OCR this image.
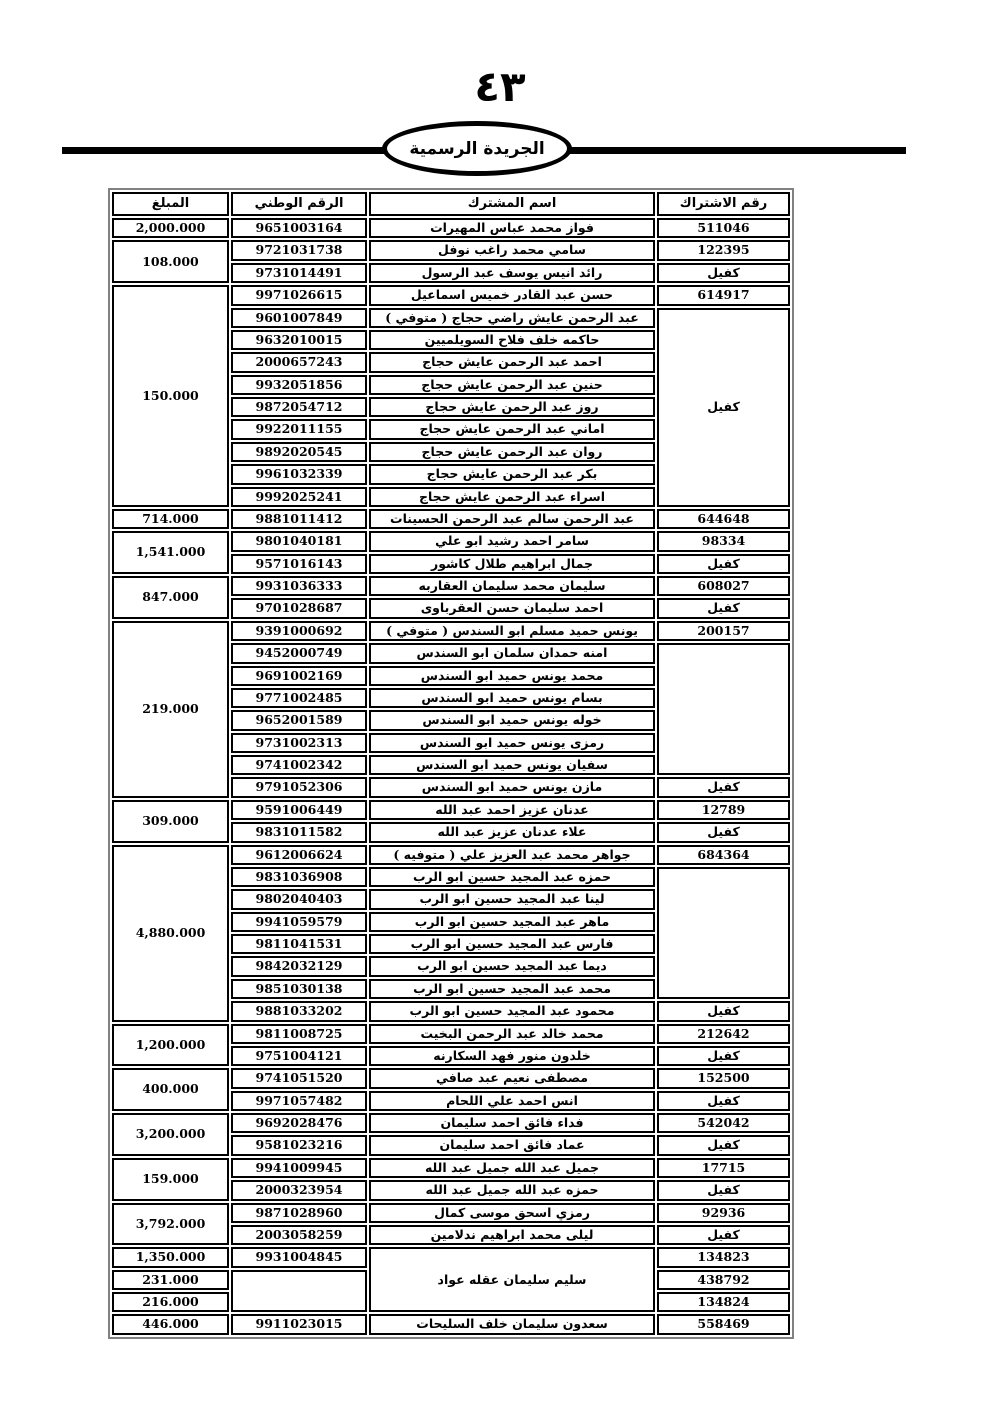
٤٣
الجريدة الرسمية
رقم الاشتراك	اسم المشترك	الرقم الوطني	المبلغ
511046	فواز محمد عباس المهيرات	9651003164	2,000.000
122395	سامي محمد راغب نوفل	9721031738	108.000
كفيل	رائد انيس يوسف عبد الرسول	9731014491	
614917	حسن عبد القادر خميس اسماعيل	9971026615	150.000
كفيل	عبد الرحمن عايش راضي حجاج ( متوفي )	9601007849	
	حاكمه خلف فلاح السويلميين	9632010015	
	احمد عبد الرحمن عايش حجاج	2000657243	
	حنين عبد الرحمن عايش حجاج	9932051856	
	روز عبد الرحمن عايش حجاج	9872054712	
	اماني عبد الرحمن عايش حجاج	9922011155	
	روان عبد الرحمن عايش حجاج	9892020545	
	بكر عبد الرحمن عايش حجاج	9961032339	
	اسراء عبد الرحمن عايش حجاج	9992025241	
644648	عبد الرحمن سالم عبد الرحمن الحسينات	9881011412	714.000
98334	سامر احمد رشيد ابو علي	9801040181	1,541.000
كفيل	جمال ابراهيم طلال كاشور	9571016143	
608027	سليمان محمد سليمان العقاربه	9931036333	847.000
كفيل	احمد سليمان حسن العقرباوى	9701028687	
200157	يونس حميد مسلم ابو السندس ( متوفي )	9391000692	219.000
	امنه حمدان سلمان ابو السندس	9452000749	
	محمد يونس حميد ابو السندس	9691002169	
	بسام يونس حميد ابو السندس	9771002485	
	خوله يونس حميد ابو السندس	9652001589	
	رمزى يونس حميد ابو السندس	9731002313	
	سفيان يونس حميد ابو السندس	9741002342	
كفيل	مازن يونس حميد ابو السندس	9791052306	
12789	عدنان عزيز احمد عبد الله	9591006449	309.000
كفيل	علاء عدنان عزيز عبد الله	9831011582	
684364	جواهر محمد عبد العزيز علي ( متوفيه )	9612006624	4,880.000
	حمزه عبد المجيد حسين ابو الرب	9831036908	
	لينا عبد المجيد حسين ابو الرب	9802040403	
	ماهر عبد المجيد حسين ابو الرب	9941059579	
	فارس عبد المجيد حسين ابو الرب	9811041531	
	ديما عبد المجيد حسين ابو الرب	9842032129	
	محمد عبد المجيد حسين ابو الرب	9851030138	
كفيل	محمود عبد المجيد حسين ابو الرب	9881033202	
212642	محمد خالد عبد الرحمن البخيت	9811008725	1,200.000
كفيل	خلدون منور فهد السكارنه	9751004121	
152500	مصطفى نعيم عبد صافي	9741051520	400.000
كفيل	انس احمد علي اللحام	9971057482	
542042	فداء فائق احمد سليمان	9692028476	3,200.000
كفيل	عماد فائق احمد سليمان	9581023216	
17715	جميل عبد الله جميل عبد الله	9941009945	159.000
كفيل	حمزه عبد الله جميل عبد الله	2000323954	
92936	رمزي اسحق موسى كمال	9871028960	3,792.000
كفيل	ليلى محمد ابراهيم ندلامين	2003058259	
134823	سليم سليمان عقله عواد	9931004845	1,350.000
438792			231.000
134824			216.000
558469	سعدون سليمان خلف السليحات	9911023015	446.000
